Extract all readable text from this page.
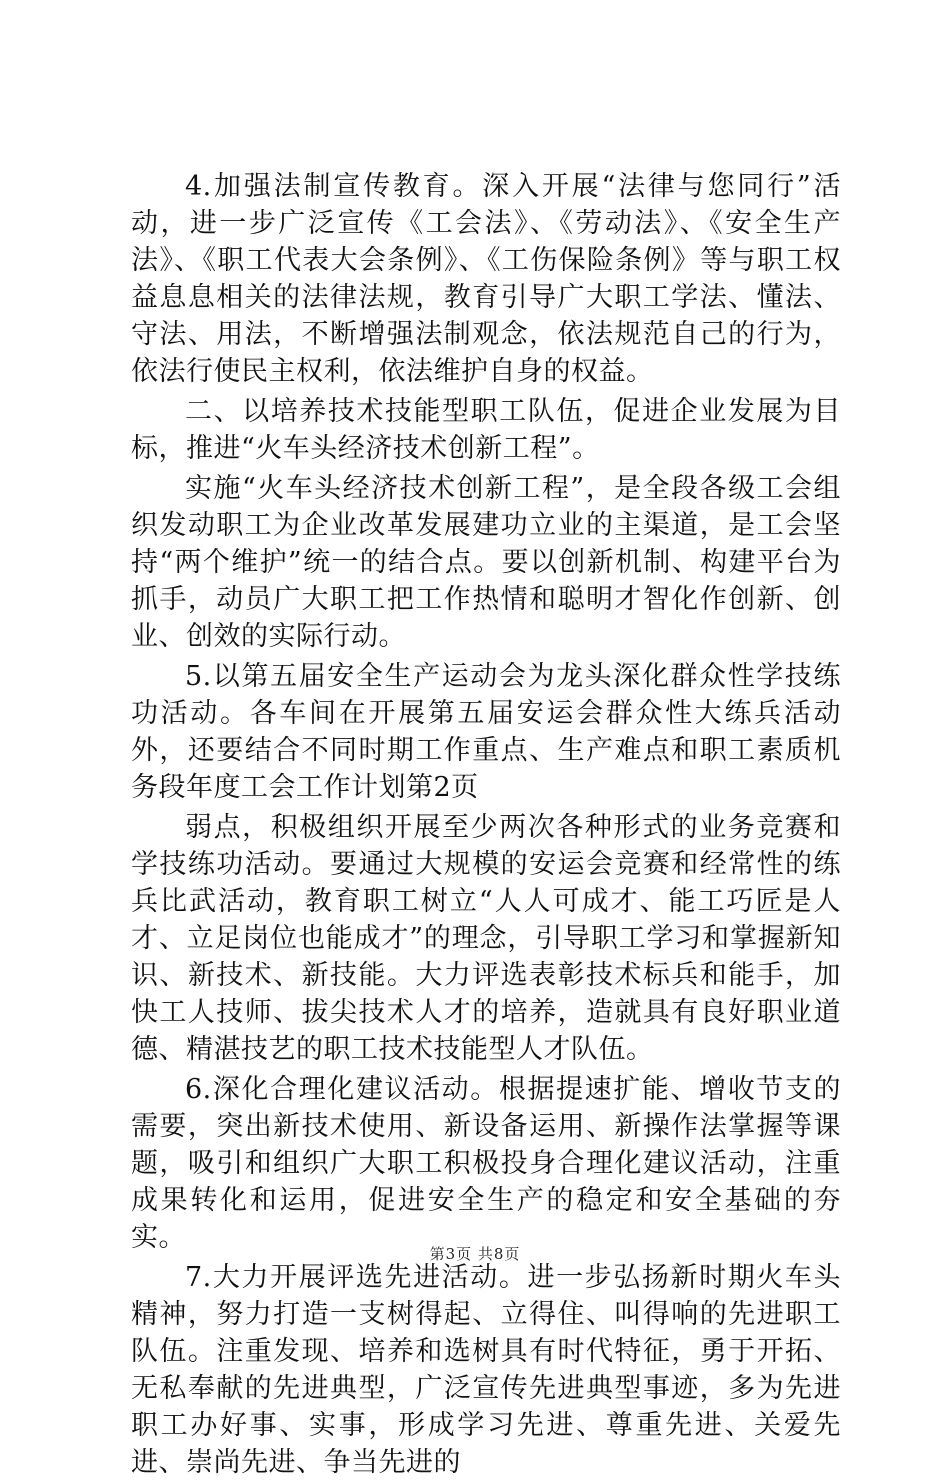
4.加强法制宣传教育。深入开展“法律与您同行”活动，进一步广泛宣传《工会法》、《劳动法》、《安全生产法》、《职工代表大会条例》、《工伤保险条例》等与职工权益息息相关的法律法规，教育引导广大职工学法、懂法、守法、用法，不断增强法制观念，依法规范自己的行为，依法行使民主权利，依法维护自身的权益。

二、以培养技术技能型职工队伍，促进企业发展为目标，推进“火车头经济技术创新工程”。

实施“火车头经济技术创新工程”，是全段各级工会组织发动职工为企业改革发展建功立业的主渠道，是工会坚持“两个维护”统一的结合点。要以创新机制、构建平台为抓手，动员广大职工把工作热情和聪明才智化作创新、创业、创效的实际行动。

5.以第五届安全生产运动会为龙头深化群众性学技练功活动。各车间在开展第五届安运会群众性大练兵活动外，还要结合不同时期工作重点、生产难点和职工素质机务段年度工会工作计划第2页

弱点，积极组织开展至少两次各种形式的业务竞赛和学技练功活动。要通过大规模的安运会竞赛和经常性的练兵比武活动，教育职工树立“人人可成才、能工巧匠是人才、立足岗位也能成才”的理念，引导职工学习和掌握新知识、新技术、新技能。大力评选表彰技术标兵和能手，加快工人技师、拔尖技术人才的培养，造就具有良好职业道德、精湛技艺的职工技术技能型人才队伍。

6.深化合理化建议活动。根据提速扩能、增收节支的需要，突出新技术使用、新设备运用、新操作法掌握等课题，吸引和组织广大职工积极投身合理化建议活动，注重成果转化和运用，促进安全生产的稳定和安全基础的夯实。

7.大力开展评选先进活动。进一步弘扬新时期火车头精神，努力打造一支树得起、立得住、叫得响的先进职工队伍。注重发现、培养和选树具有时代特征，勇于开拓、无私奉献的先进典型，广泛宣传先进典型事迹，多为先进职工办好事、实事，形成学习先进、尊重先进、关爱先进、崇尚先进、争当先进的

第3页 共8页
